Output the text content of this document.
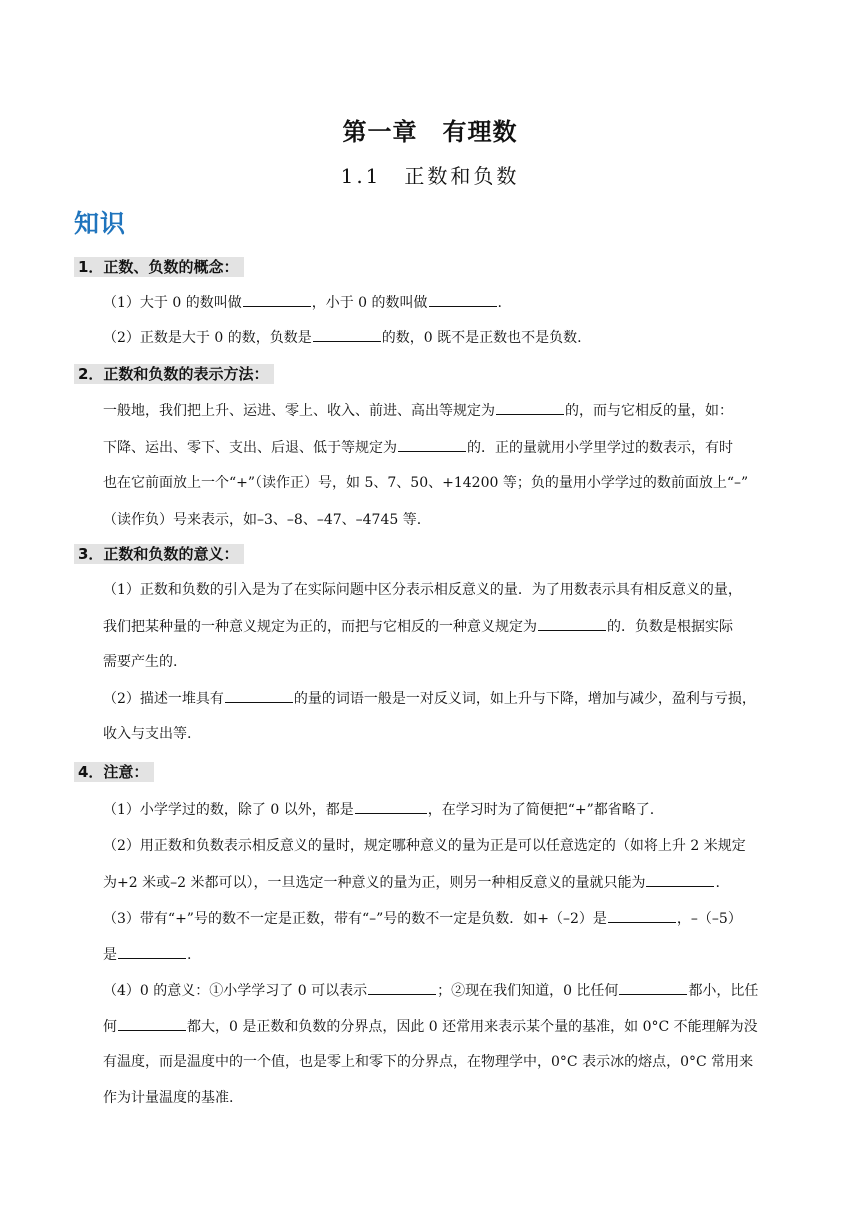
第一章　有理数
1.1　正数和负数
知识
1．正数、负数的概念：
（1）大于 0 的数叫做	，小于 0 的数叫做	.
（2）正数是大于 0 的数，负数是	的数，0 既不是正数也不是负数.
2．正数和负数的表示方法：
一般地，我们把上升、运进、零上、收入、前进、高出等规定为	的，而与它相反的量，如：
下降、运出、零下、支出、后退、低于等规定为	的．正的量就用小学里学过的数表示，有时
也在它前面放上一个“+”（读作正）号，如 5、7、50、+14200 等；负的量用小学学过的数前面放上“–”
（读作负）号来表示，如–3、–8、–47、–4745 等.
3．正数和负数的意义：
（1）正数和负数的引入是为了在实际问题中区分表示相反意义的量．为了用数表示具有相反意义的量，
我们把某种量的一种意义规定为正的，而把与它相反的一种意义规定为	的．负数是根据实际
需要产生的.
（2）描述一堆具有	的量的词语一般是一对反义词，如上升与下降，增加与减少，盈利与亏损，
收入与支出等.
4．注意：
（1）小学学过的数，除了 0 以外，都是	，在学习时为了简便把“+”都省略了.
（2）用正数和负数表示相反意义的量时，规定哪种意义的量为正是可以任意选定的（如将上升 2 米规定
为+2 米或–2 米都可以），一旦选定一种意义的量为正，则另一种相反意义的量就只能为	.
（3）带有“+”号的数不一定是正数，带有“–”号的数不一定是负数．如+（–2）是	，–（–5）
是	.
（4）0 的意义：①小学学习了 0 可以表示	；②现在我们知道，0 比任何	都小，比任
何	都大，0 是正数和负数的分界点，因此 0 还常用来表示某个量的基准，如 0°C 不能理解为没
有温度，而是温度中的一个值，也是零上和零下的分界点，在物理学中，0°C 表示冰的熔点，0°C 常用来
作为计量温度的基准.
